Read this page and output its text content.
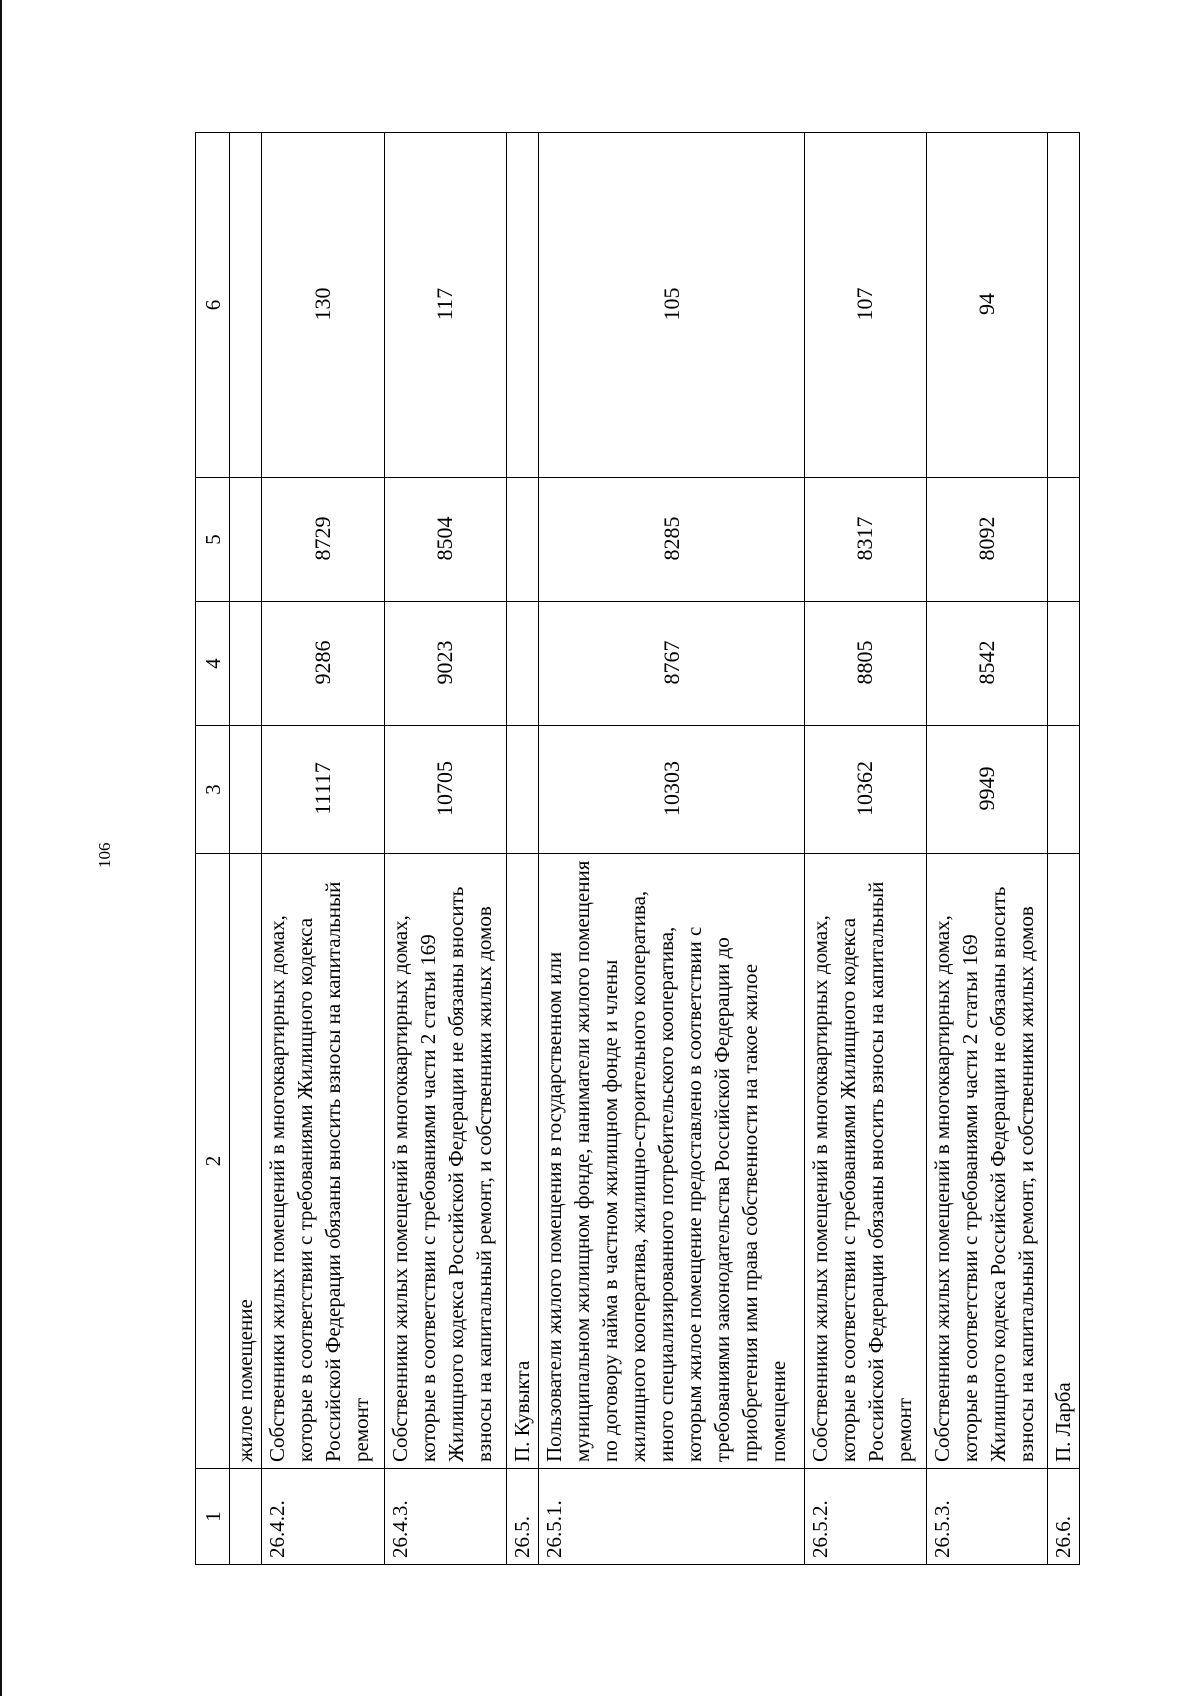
106
1	2	3	4	5	6
	жилое помещение				
26.4.2.	Собственники жилых помещений в многоквартирных домах, которые в соответствии с требованиями Жилищного кодекса Российской Федерации обязаны вносить взносы на капитальный ремонт	11117	9286	8729	130
26.4.3.	Собственники жилых помещений в многоквартирных домах, которые в соответствии с требованиями части 2 статьи 169 Жилищного кодекса Российской Федерации не обязаны вносить взносы на капитальный ремонт, и собственники жилых домов	10705	9023	8504	117
26.5.	П. Кувыкта				
26.5.1.	Пользователи жилого помещения в государственном или муниципальном жилищном фонде, наниматели жилого помещения по договору найма в частном жилищном фонде и члены жилищного кооператива, жилищно-строительного кооператива, иного специализированного потребительского кооператива, которым жилое помещение предоставлено в соответствии с требованиями законодательства Российской Федерации до приобретения ими права собственности на такое жилое помещение	10303	8767	8285	105
26.5.2.	Собственники жилых помещений в многоквартирных домах, которые в соответствии с требованиями Жилищного кодекса Российской Федерации обязаны вносить взносы на капитальный ремонт	10362	8805	8317	107
26.5.3.	Собственники жилых помещений в многоквартирных домах, которые в соответствии с требованиями части 2 статьи 169 Жилищного кодекса Российской Федерации не обязаны вносить взносы на капитальный ремонт, и собственники жилых домов	9949	8542	8092	94
26.6.	П. Ларба				
